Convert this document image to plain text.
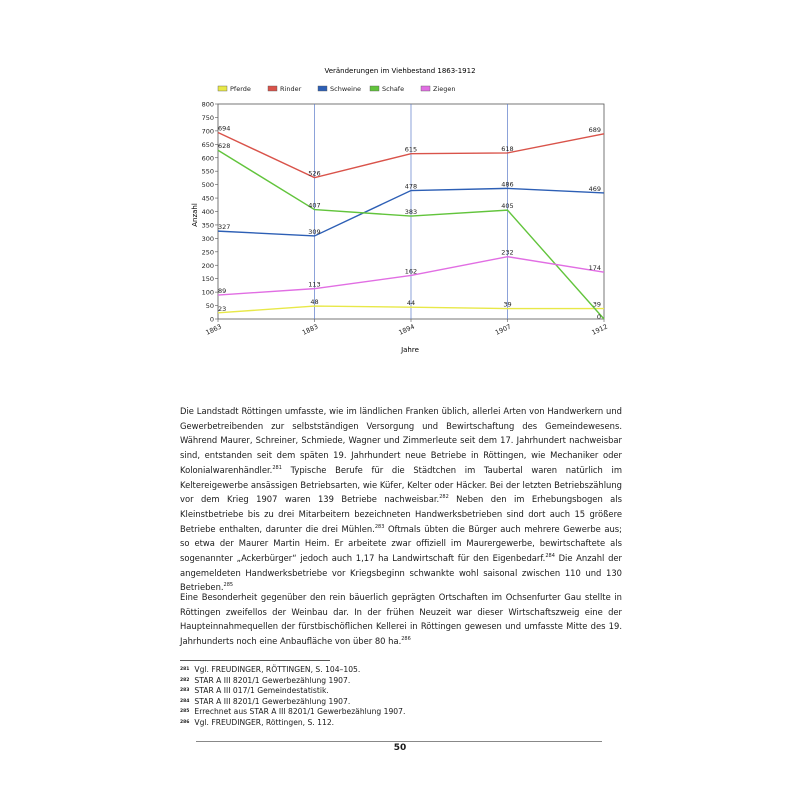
Veränderungen im Viehbestand 1863-1912
Pferde	Rinder	Schweine	Schafe	Ziegen
0
50
100
150
200
250
300
350
400
450
500
550
600
650
700
750
800
1863	1883	1894	1907	1912
23
48	44	39	39
694
526
615	618
689
327
309
478	486
469
628
407
383
405
0
89
113
162
232
174
Anzahl
Jahre

Die Landstadt Röttingen umfasste, wie im ländlichen Franken üblich, allerlei Arten von Handwerkern und Gewerbetreibenden zur selbstständigen Versorgung und Bewirtschaftung des Gemeindewesens. Während Maurer, Schreiner, Schmiede, Wagner und Zimmerleute seit dem 17. Jahrhundert nachweisbar sind, entstanden seit dem späten 19. Jahrhundert neue Betriebe in Röttingen, wie Mechaniker oder Kolonialwarenhändler.$^{281}$ Typische Berufe für die Städtchen im Taubertal waren natürlich im Keltereigewerbe ansässigen Betriebsarten, wie Küfer, Kelter oder Häcker. Bei der letzten Betriebszählung vor dem Krieg 1907 waren 139 Betriebe nachweisbar.$^{282}$ Neben den im Erhebungsbogen als Kleinstbetriebe bis zu drei Mitarbeitern bezeichneten Handwerksbetrieben sind dort auch 15 größere Betriebe enthalten, darunter die drei Mühlen.$^{283}$ Oftmals übten die Bürger auch mehrere Gewerbe aus; so etwa der Maurer Martin Heim. Er arbeitete zwar offiziell im Maurergewerbe, bewirtschaftete als sogenannter „Ackerbürger“ jedoch auch 1,17 ha Landwirtschaft für den Eigenbedarf.$^{284}$ Die Anzahl der angemeldeten Handwerksbetriebe vor Kriegsbeginn schwankte wohl saisonal zwischen 110 und 130 Betrieben.$^{285}$

Eine Besonderheit gegenüber den rein bäuerlich geprägten Ortschaften im Ochsenfurter Gau stellte in Röttingen zweifellos der Weinbau dar. In der frühen Neuzeit war dieser Wirtschaftszweig eine der Haupteinnahmequellen der fürstbischöflichen Kellerei in Röttingen gewesen und umfasste Mitte des 19. Jahrhunderts noch eine Anbaufläche von über 80 ha.$^{286}$

$^{281}$ Vgl. FREUDINGER, RÖTTINGEN, S. 104–105.
$^{282}$ STAR A III 8201/1 Gewerbezählung 1907.
$^{283}$ STAR A III 017/1 Gemeindestatistik.
$^{284}$ STAR A III 8201/1 Gewerbezählung 1907.
$^{285}$ Errechnet aus STAR A III 8201/1 Gewerbezählung 1907.
$^{286}$ Vgl. FREUDINGER, Röttingen, S. 112.
50
